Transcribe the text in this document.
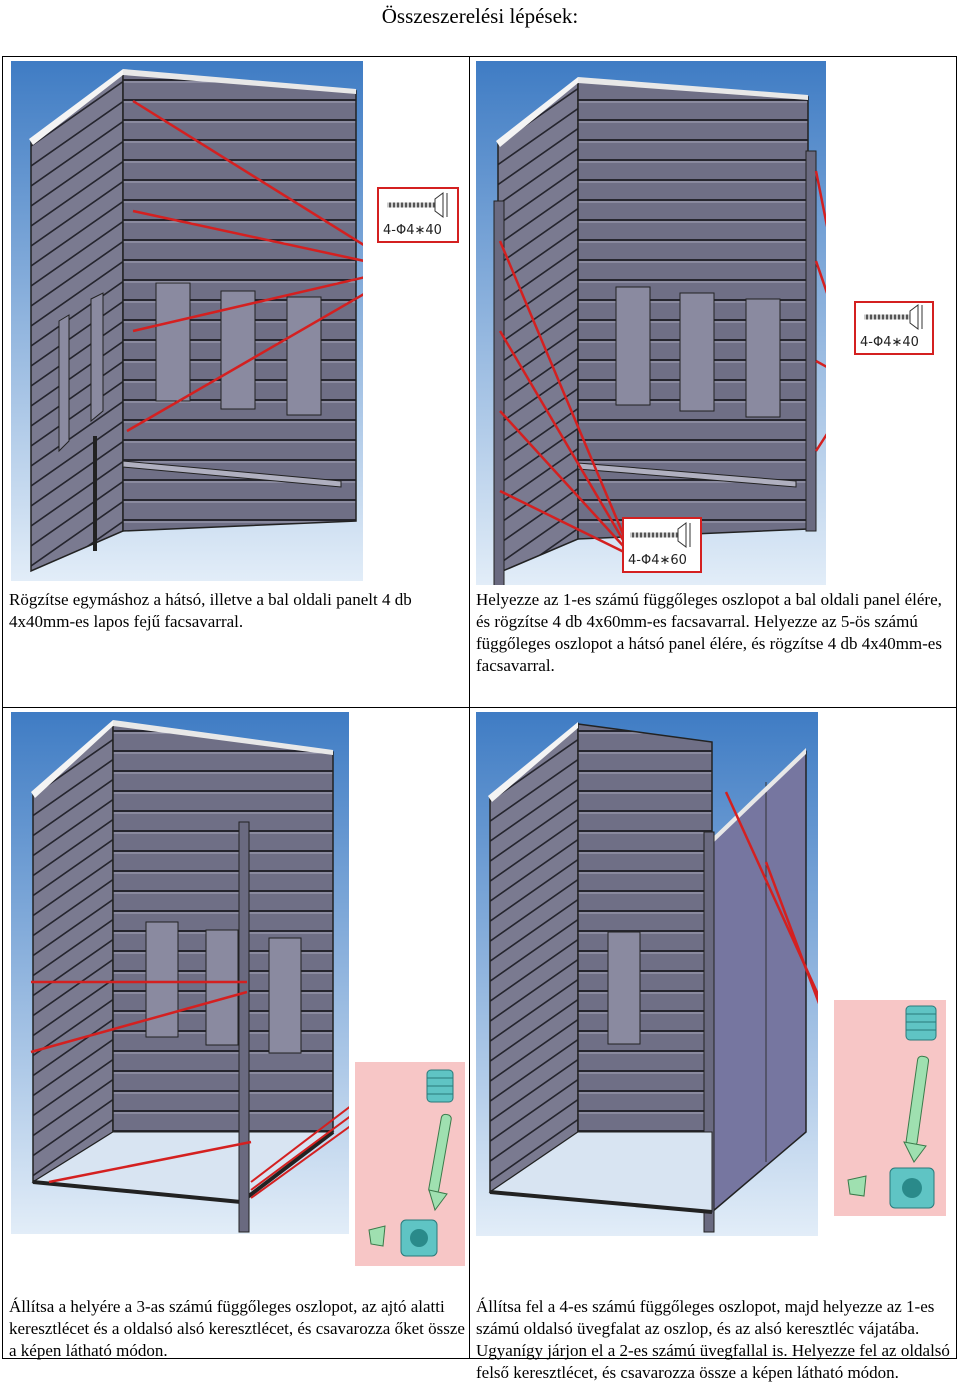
Összeszerelési lépések:
4-Φ4∗40
Rögzítse egymáshoz a hátsó, illetve a bal oldali panelt 4 db 4x40mm-es lapos fejű facsavarral.
4-Φ4∗40
4-Φ4∗60
Helyezze az 1-es számú függőleges oszlopot a bal oldali panel élére, és rögzítse 4 db 4x60mm-es facsavarral. Helyezze az 5-ös számú függőleges oszlopot a hátsó panel élére, és rögzítse 4 db 4x40mm-es facsavarral.
Állítsa a helyére a 3-as számú függőleges oszlopot, az ajtó alatti keresztlécet és a oldalsó alsó keresztlécet, és csavarozza őket össze a képen látható módon.
Állítsa fel a 4-es számú függőleges oszlopot, majd helyezze az 1-es számú oldalsó üvegfalat az oszlop, és az alsó keresztléc vájatába. Ugyanígy járjon el a 2-es számú üvegfallal is. Helyezze fel az oldalsó felső keresztlécet, és csavarozza össze a képen látható módon.
